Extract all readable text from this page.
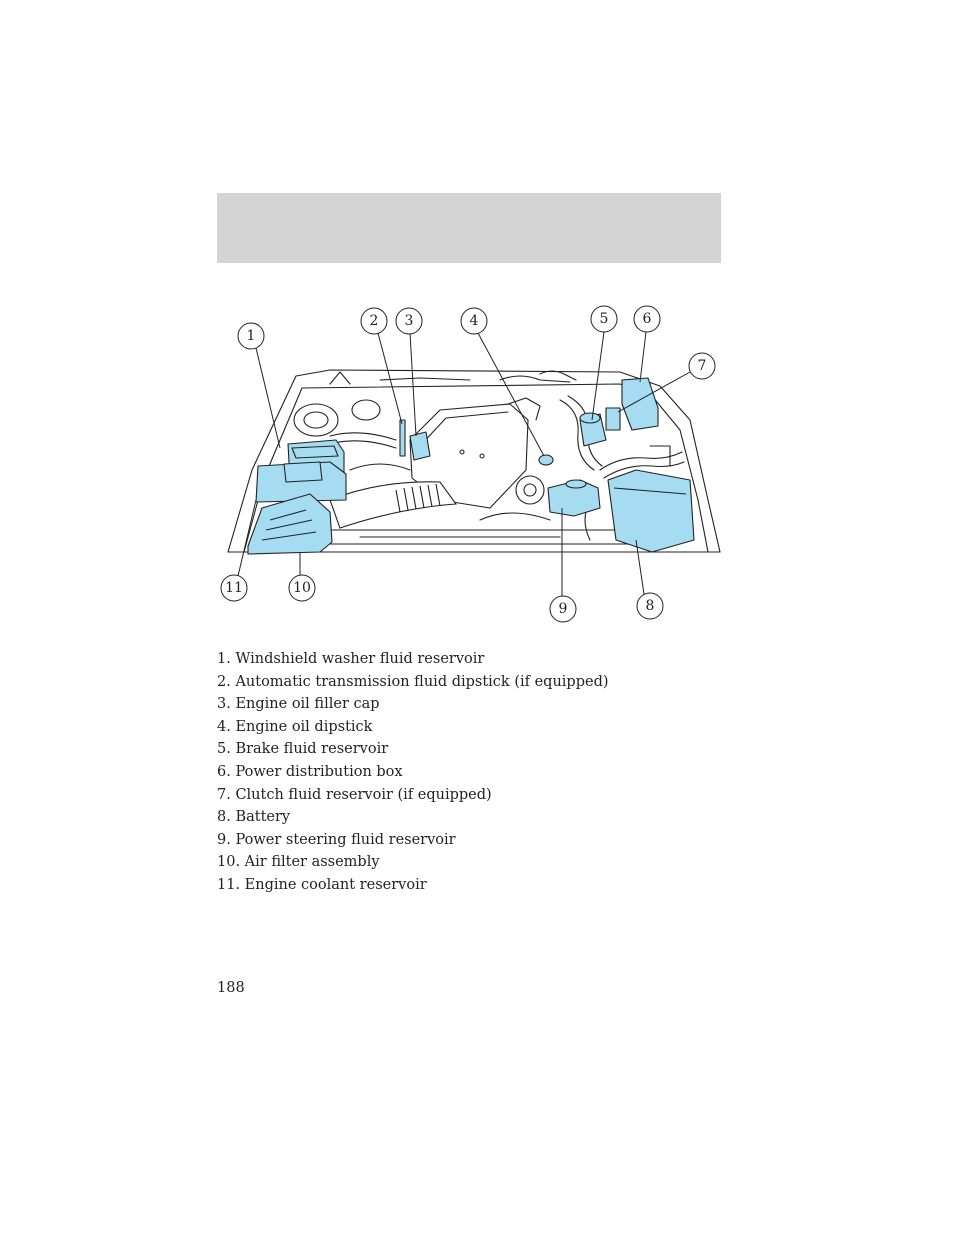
1
2 3	4	5 6
7
8
9
10
11
1. Windshield washer fluid reservoir
2. Automatic transmission fluid dipstick (if equipped)
3. Engine oil filler cap
4. Engine oil dipstick
5. Brake fluid reservoir
6. Power distribution box
7. Clutch fluid reservoir (if equipped)
8. Battery
9. Power steering fluid reservoir
10. Air filter assembly
11. Engine coolant reservoir
188
